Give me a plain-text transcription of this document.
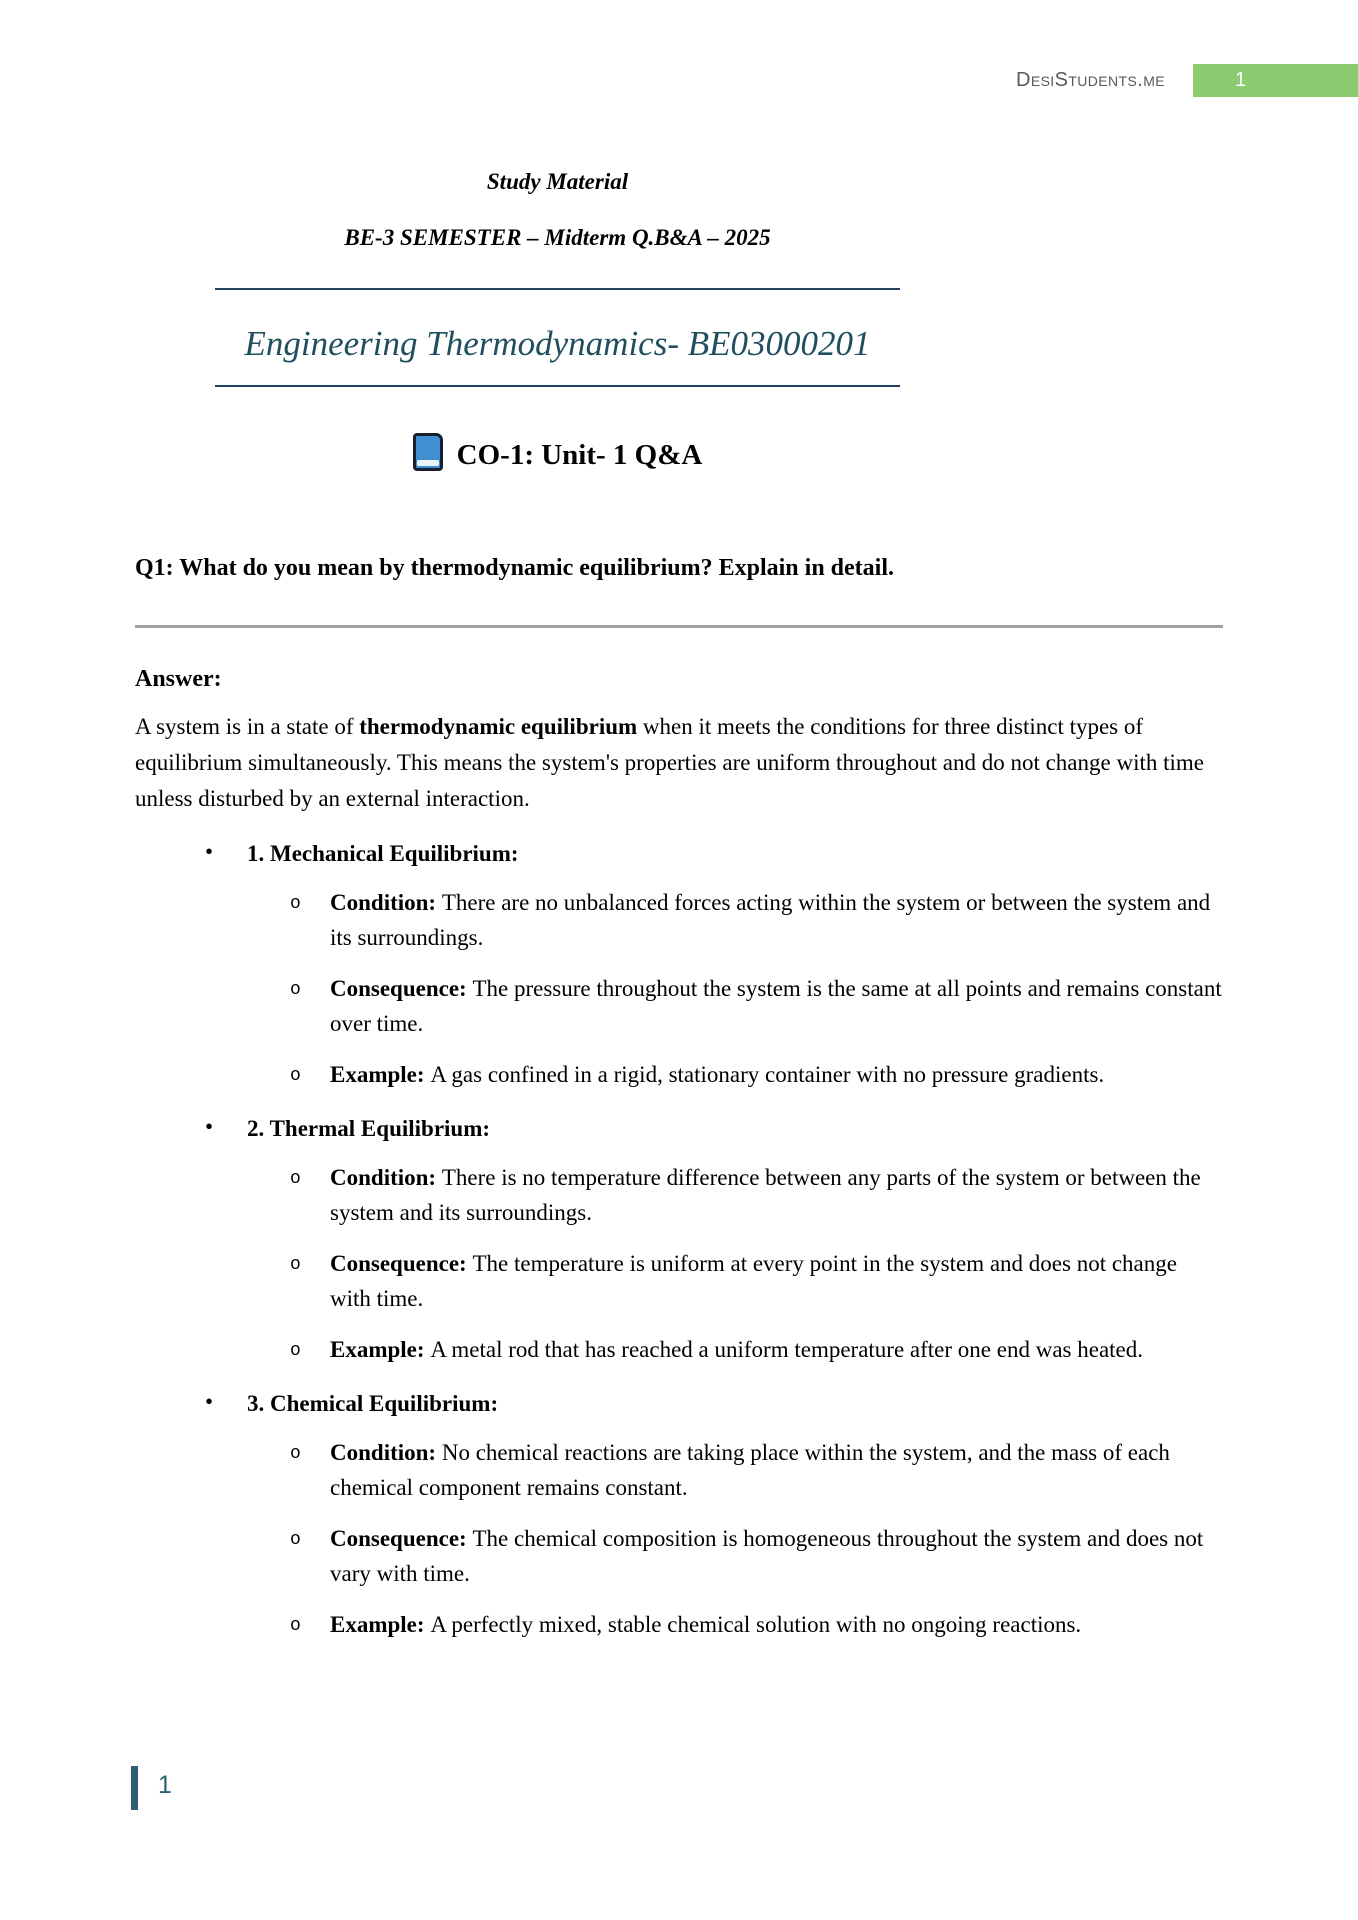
DesiStudents.me	1
Study Material
BE-3 SEMESTER – Midterm Q.B&A – 2025
Engineering Thermodynamics- BE03000201
CO-1: Unit- 1 Q&A
Q1: What do you mean by thermodynamic equilibrium? Explain in detail.
Answer:

A system is in a state of thermodynamic equilibrium when it meets the conditions for three distinct types of equilibrium simultaneously. This means the system's properties are uniform throughout and do not change with time unless disturbed by an external interaction.

• 1. Mechanical Equilibrium:
o Condition: There are no unbalanced forces acting within the system or between the system and its surroundings.
o Consequence: The pressure throughout the system is the same at all points and remains constant over time.
o Example: A gas confined in a rigid, stationary container with no pressure gradients.
• 2. Thermal Equilibrium:
o Condition: There is no temperature difference between any parts of the system or between the system and its surroundings.
o Consequence: The temperature is uniform at every point in the system and does not change with time.
o Example: A metal rod that has reached a uniform temperature after one end was heated.
• 3. Chemical Equilibrium:
o Condition: No chemical reactions are taking place within the system, and the mass of each chemical component remains constant.
o Consequence: The chemical composition is homogeneous throughout the system and does not vary with time.
o Example: A perfectly mixed, stable chemical solution with no ongoing reactions.
1
